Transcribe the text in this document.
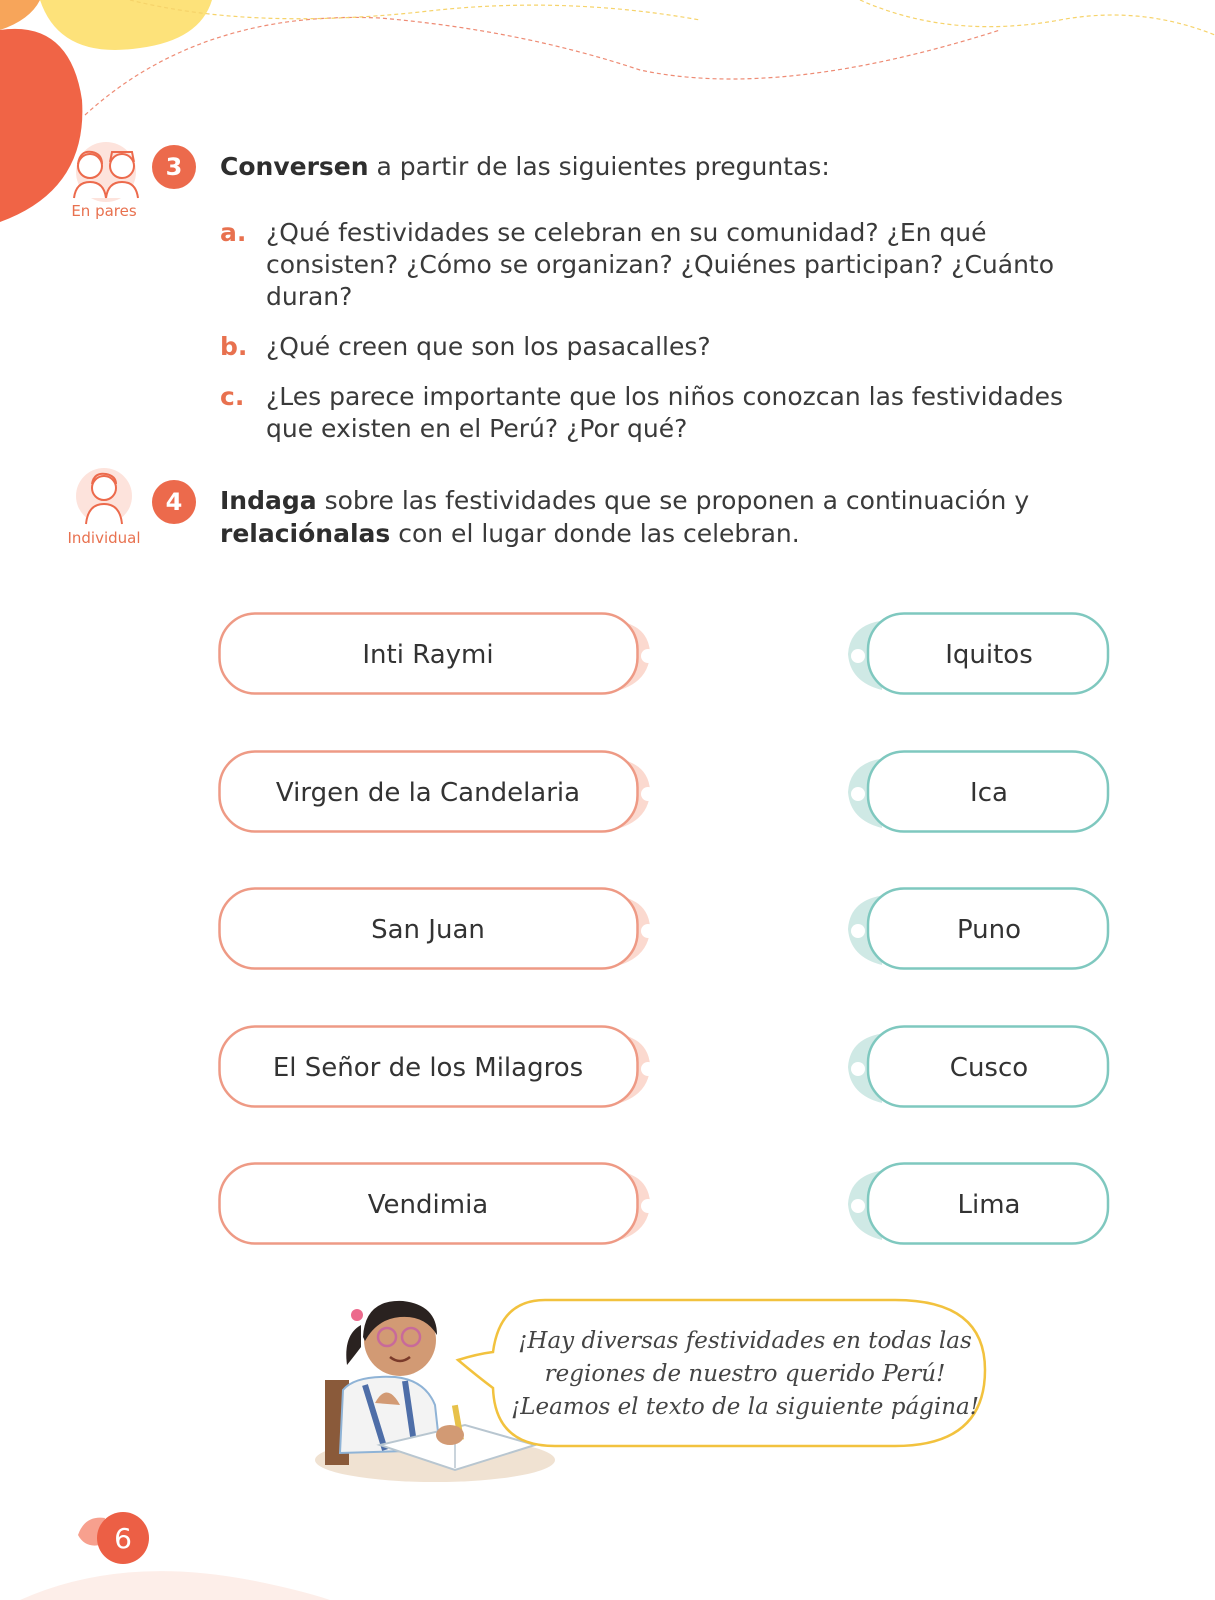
En pares
3	Conversen a partir de las siguientes preguntas:
a. ¿Qué festividades se celebran en su comunidad? ¿En qué consisten? ¿Cómo se organizan? ¿Quiénes participan? ¿Cuánto duran?
b. ¿Qué creen que son los pasacalles?
c. ¿Les parece importante que los niños conozcan las festividades que existen en el Perú? ¿Por qué?
Individual
4	Indaga sobre las festividades que se proponen a continuación y relaciónalas con el lugar donde las celebran.
Inti Raymi
Virgen de la Candelaria
San Juan
El Señor de los Milagros
Vendimia
Iquitos
Ica
Puno
Cusco
Lima
¡Hay diversas festividades en todas las
regiones de nuestro querido Perú!
¡Leamos el texto de la siguiente página!
6
